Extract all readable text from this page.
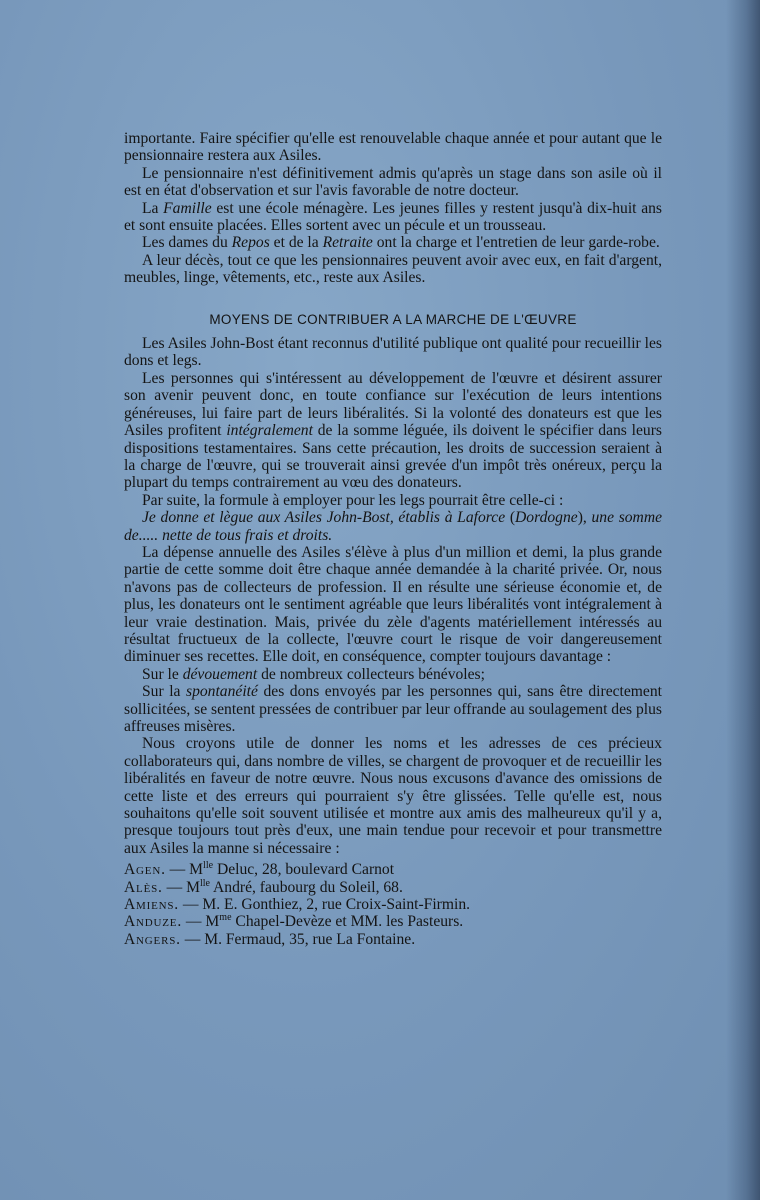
importante. Faire spécifier qu'elle est renouvelable chaque année et pour autant que le pensionnaire restera aux Asiles.

Le pensionnaire n'est définitivement admis qu'après un stage dans son asile où il est en état d'observation et sur l'avis favorable de notre docteur.

La Famille est une école ménagère. Les jeunes filles y restent jusqu'à dix-huit ans et sont ensuite placées. Elles sortent avec un pécule et un trousseau.

Les dames du Repos et de la Retraite ont la charge et l'entretien de leur garde-robe.

A leur décès, tout ce que les pensionnaires peuvent avoir avec eux, en fait d'argent, meubles, linge, vêtements, etc., reste aux Asiles.

MOYENS DE CONTRIBUER A LA MARCHE DE L'ŒUVRE

Les Asiles John-Bost étant reconnus d'utilité publique ont qualité pour recueillir les dons et legs.

Les personnes qui s'intéressent au développement de l'œuvre et désirent assurer son avenir peuvent donc, en toute confiance sur l'exécution de leurs intentions généreuses, lui faire part de leurs libéralités. Si la volonté des donateurs est que les Asiles profitent intégralement de la somme léguée, ils doivent le spécifier dans leurs dispositions testamentaires. Sans cette précaution, les droits de succession seraient à la charge de l'œuvre, qui se trouverait ainsi grevée d'un impôt très onéreux, perçu la plupart du temps contrairement au vœu des donateurs.

Par suite, la formule à employer pour les legs pourrait être celle-ci :

Je donne et lègue aux Asiles John-Bost, établis à Laforce (Dordogne), une somme de..... nette de tous frais et droits.

La dépense annuelle des Asiles s'élève à plus d'un million et demi, la plus grande partie de cette somme doit être chaque année demandée à la charité privée. Or, nous n'avons pas de collecteurs de profession. Il en résulte une sérieuse économie et, de plus, les donateurs ont le sentiment agréable que leurs libéralités vont intégralement à leur vraie destination. Mais, privée du zèle d'agents matériellement intéressés au résultat fructueux de la collecte, l'œuvre court le risque de voir dangereusement diminuer ses recettes. Elle doit, en conséquence, compter toujours davantage :

Sur le dévouement de nombreux collecteurs bénévoles;

Sur la spontanéité des dons envoyés par les personnes qui, sans être directement sollicitées, se sentent pressées de contribuer par leur offrande au soulagement des plus affreuses misères.

Nous croyons utile de donner les noms et les adresses de ces précieux collaborateurs qui, dans nombre de villes, se chargent de provoquer et de recueillir les libéralités en faveur de notre œuvre. Nous nous excusons d'avance des omissions de cette liste et des erreurs qui pourraient s'y être glissées. Telle qu'elle est, nous souhaitons qu'elle soit souvent utilisée et montre aux amis des malheureux qu'il y a, presque toujours tout près d'eux, une main tendue pour recevoir et pour transmettre aux Asiles la manne si nécessaire :

Agen. — $M^{lle}$ Deluc, 28, boulevard Carnot

Alès. — $M^{lle}$ André, faubourg du Soleil, 68.

Amiens. — M. E. Gonthiez, 2, rue Croix-Saint-Firmin.

Anduze. — $M^{me}$ Chapel-Devèze et MM. les Pasteurs.

Angers. — M. Fermaud, 35, rue La Fontaine.
